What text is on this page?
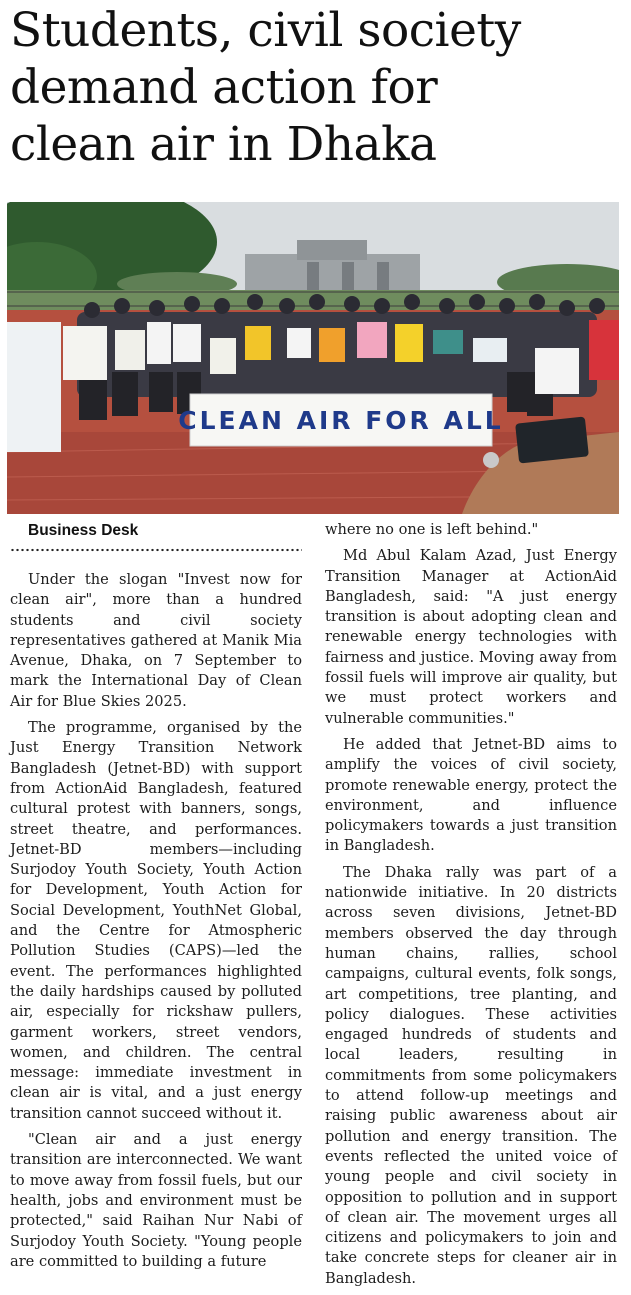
Students, civil society
demand action for
clean air in Dhaka
CLEAN AIR FOR ALL

Business Desk

Under the slogan "Invest now for clean air", more than a hundred students and civil society representatives gathered at Manik Mia Avenue, Dhaka, on 7 September to mark the International Day of Clean Air for Blue Skies 2025.

The programme, organised by the Just Energy Transition Network Bangladesh (Jetnet-BD) with support from ActionAid Bangladesh, featured cultural protest with banners, songs, street theatre, and performances. Jetnet-BD members—including Surjodoy Youth Society, Youth Action for Development, Youth Action for Social Development, YouthNet Global, and the Centre for Atmospheric Pollution Studies (CAPS)—led the event. The performances highlighted the daily hardships caused by polluted air, especially for rickshaw pullers, garment workers, street vendors, women, and children. The central message: immediate investment in clean air is vital, and a just energy transition cannot succeed without it.

"Clean air and a just energy transition are interconnected. We want to move away from fossil fuels, but our health, jobs and environment must be protected," said Raihan Nur Nabi of Surjodoy Youth Society. "Young people are committed to building a future

where no one is left behind."

Md Abul Kalam Azad, Just Energy Transition Manager at ActionAid Bangladesh, said: "A just energy transition is about adopting clean and renewable energy technologies with fairness and justice. Moving away from fossil fuels will improve air quality, but we must protect workers and vulnerable communities."

He added that Jetnet-BD aims to amplify the voices of civil society, promote renewable energy, protect the environment, and influence policymakers towards a just transition in Bangladesh.

The Dhaka rally was part of a nationwide initiative. In 20 districts across seven divisions, Jetnet-BD members observed the day through human chains, rallies, school campaigns, cultural events, folk songs, art competitions, tree planting, and policy dialogues. These activities engaged hundreds of students and local leaders, resulting in commitments from some policymakers to attend follow-up meetings and raising public awareness about air pollution and energy transition. The events reflected the united voice of young people and civil society in opposition to pollution and in support of clean air. The movement urges all citizens and policymakers to join and take concrete steps for cleaner air in Bangladesh.
